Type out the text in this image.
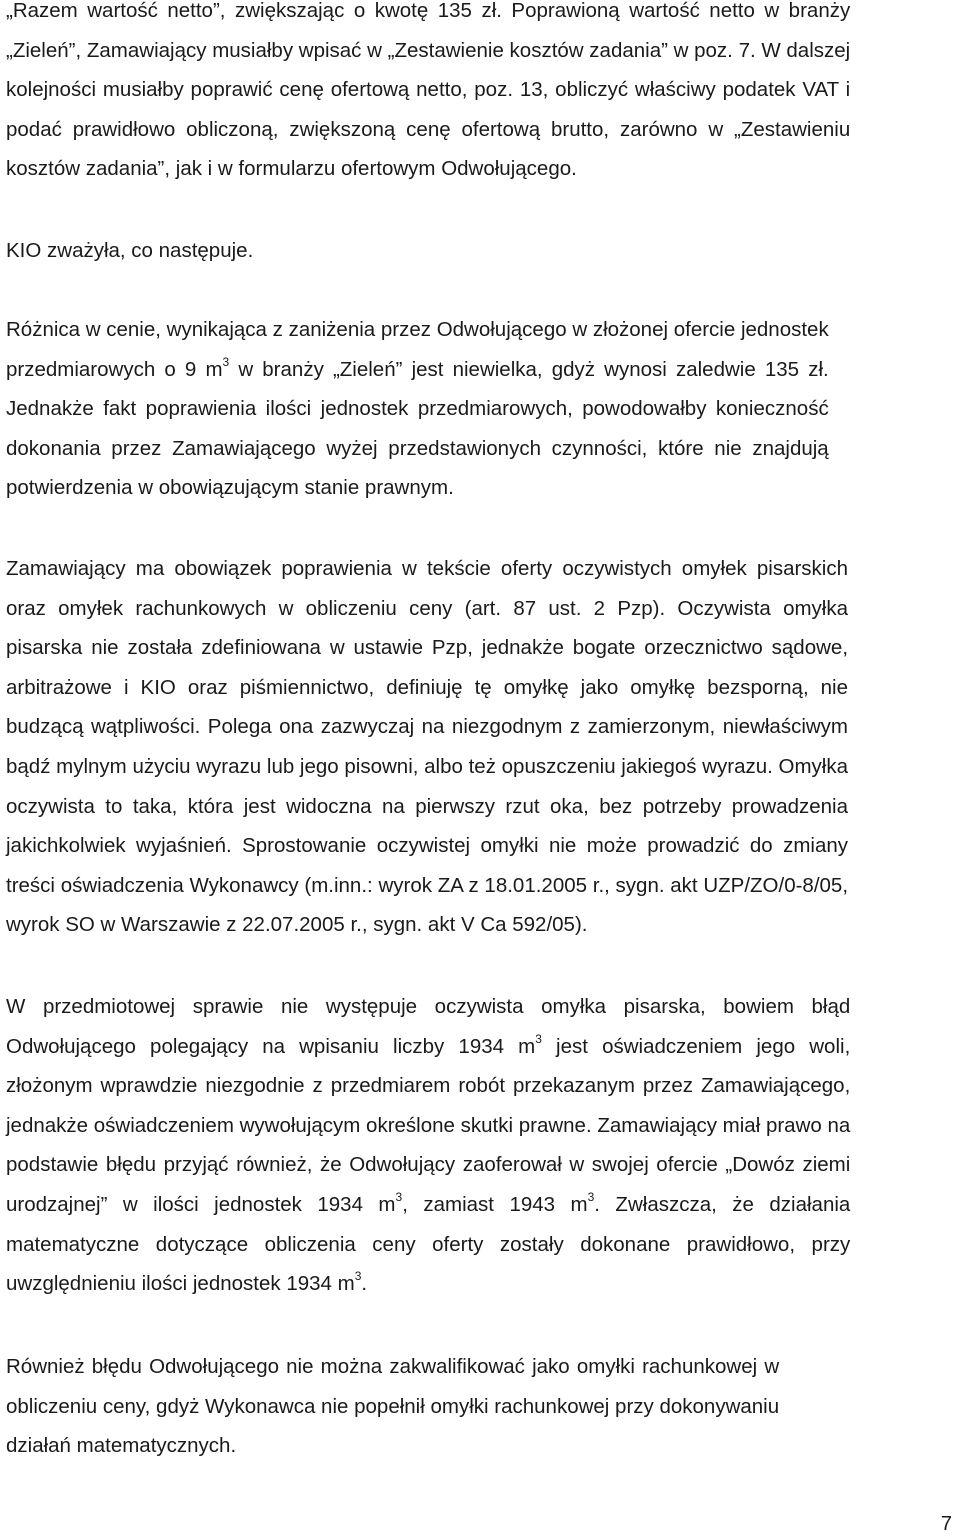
„Razem wartość netto”, zwiększając o kwotę 135 zł. Poprawioną wartość netto w branży
„Zieleń”, Zamawiający musiałby wpisać w „Zestawienie kosztów zadania” w poz. 7. W dalszej
kolejności musiałby poprawić cenę ofertową netto, poz. 13, obliczyć właściwy podatek VAT i
podać prawidłowo obliczoną, zwiększoną cenę ofertową brutto, zarówno w „Zestawieniu
kosztów zadania”, jak i w formularzu ofertowym Odwołującego.

KIO zważyła, co następuje.

Różnica w cenie, wynikająca z zaniżenia przez Odwołującego w złożonej ofercie jednostek
przedmiarowych o 9 $m^3$ w branży „Zieleń” jest niewielka, gdyż wynosi zaledwie 135 zł.
Jednakże fakt poprawienia ilości jednostek przedmiarowych, powodowałby konieczność
dokonania przez Zamawiającego wyżej przedstawionych czynności, które nie znajdują
potwierdzenia w obowiązującym stanie prawnym.

Zamawiający ma obowiązek poprawienia w tekście oferty oczywistych omyłek pisarskich
oraz omyłek rachunkowych w obliczeniu ceny (art. 87 ust. 2 Pzp). Oczywista omyłka
pisarska nie została zdefiniowana w ustawie Pzp, jednakże bogate orzecznictwo sądowe,
arbitrażowe i KIO oraz piśmiennictwo, definiuję tę omyłkę jako omyłkę bezsporną, nie
budzącą wątpliwości. Polega ona zazwyczaj na niezgodnym z zamierzonym, niewłaściwym
bądź mylnym użyciu wyrazu lub jego pisowni, albo też opuszczeniu jakiegoś wyrazu. Omyłka
oczywista to taka, która jest widoczna na pierwszy rzut oka, bez potrzeby prowadzenia
jakichkolwiek wyjaśnień. Sprostowanie oczywistej omyłki nie może prowadzić do zmiany
treści oświadczenia Wykonawcy (m.inn.: wyrok ZA z 18.01.2005 r., sygn. akt UZP/ZO/0-8/05,
wyrok SO w Warszawie z 22.07.2005 r., sygn. akt V Ca 592/05).

W przedmiotowej sprawie nie występuje oczywista omyłka pisarska, bowiem błąd
Odwołującego polegający na wpisaniu liczby 1934 $m^3$ jest oświadczeniem jego woli,
złożonym wprawdzie niezgodnie z przedmiarem robót przekazanym przez Zamawiającego,
jednakże oświadczeniem wywołującym określone skutki prawne. Zamawiający miał prawo na
podstawie błędu przyjąć również, że Odwołujący zaoferował w swojej ofercie „Dowóz ziemi
urodzajnej” w ilości jednostek 1934 $m^3$, zamiast 1943 $m^3$. Zwłaszcza, że działania
matematyczne dotyczące obliczenia ceny oferty zostały dokonane prawidłowo, przy
uwzględnieniu ilości jednostek 1934 $m^3$.

Również błędu Odwołującego nie można zakwalifikować jako omyłki rachunkowej w
obliczeniu ceny, gdyż Wykonawca nie popełnił omyłki rachunkowej przy dokonywaniu
działań matematycznych.

7
